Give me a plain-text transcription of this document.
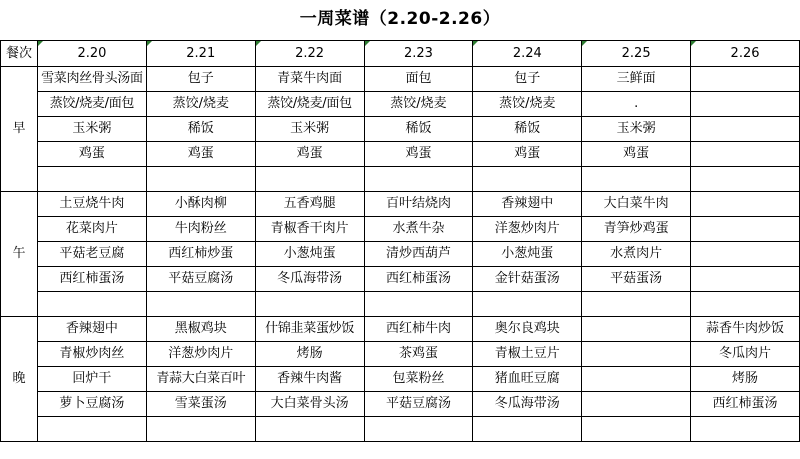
一周菜谱（2.20-2.26）
餐次	2.20	2.21	2.22	2.23	2.24	2.25	2.26
早	雪菜肉丝骨头汤面	包子	青菜牛肉面	面包	包子	三鲜面	
	蒸饺/烧麦/面包	蒸饺/烧麦	蒸饺/烧麦/面包	蒸饺/烧麦	蒸饺/烧麦	.	
	玉米粥	稀饭	玉米粥	稀饭	稀饭	玉米粥	
	鸡蛋	鸡蛋	鸡蛋	鸡蛋	鸡蛋	鸡蛋	

午	土豆烧牛肉	小酥肉柳	五香鸡腿	百叶结烧肉	香辣翅中	大白菜牛肉	
	花菜肉片	牛肉粉丝	青椒香干肉片	水煮牛杂	洋葱炒肉片	青笋炒鸡蛋	
	平菇老豆腐	西红柿炒蛋	小葱炖蛋	清炒西葫芦	小葱炖蛋	水煮肉片	
	西红柿蛋汤	平菇豆腐汤	冬瓜海带汤	西红柿蛋汤	金针菇蛋汤	平菇蛋汤	

晚	香辣翅中	黑椒鸡块	什锦韭菜蛋炒饭	西红柿牛肉	奥尔良鸡块		蒜香牛肉炒饭
	青椒炒肉丝	洋葱炒肉片	烤肠	茶鸡蛋	青椒土豆片		冬瓜肉片
	回炉干	青蒜大白菜百叶	香辣牛肉酱	包菜粉丝	猪血旺豆腐		烤肠
	萝卜豆腐汤	雪菜蛋汤	大白菜骨头汤	平菇豆腐汤	冬瓜海带汤		西红柿蛋汤
